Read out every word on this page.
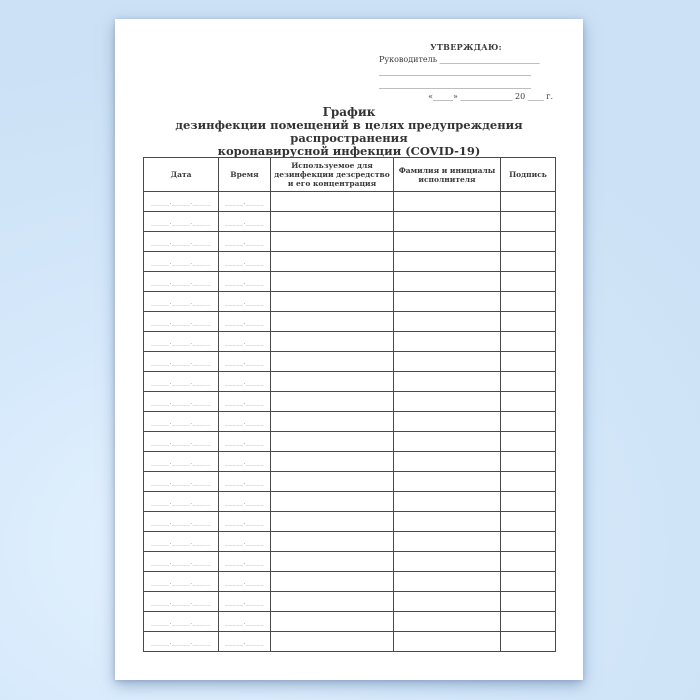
УТВЕРЖДАЮ:
Руководитель _________________________
______________________________________
______________________________________
«_____» _____________ 20 ____ г.
График
дезинфекции помещений в целях предупреждения распространения
коронавирусной инфекции (COVID-19)
Дата	Время	Используемое для дезинфекции дезсредство и его концентрация	Фамилия и инициалы исполнителя	Подпись
_____._____._____	_____._____			
_____._____._____	_____._____			
_____._____._____	_____._____			
_____._____._____	_____._____			
_____._____._____	_____._____			
_____._____._____	_____._____			
_____._____._____	_____._____			
_____._____._____	_____._____			
_____._____._____	_____._____			
_____._____._____	_____._____			
_____._____._____	_____._____			
_____._____._____	_____._____			
_____._____._____	_____._____			
_____._____._____	_____._____			
_____._____._____	_____._____			
_____._____._____	_____._____			
_____._____._____	_____._____			
_____._____._____	_____._____			
_____._____._____	_____._____			
_____._____._____	_____._____			
_____._____._____	_____._____			
_____._____._____	_____._____			
_____._____._____	_____._____			
